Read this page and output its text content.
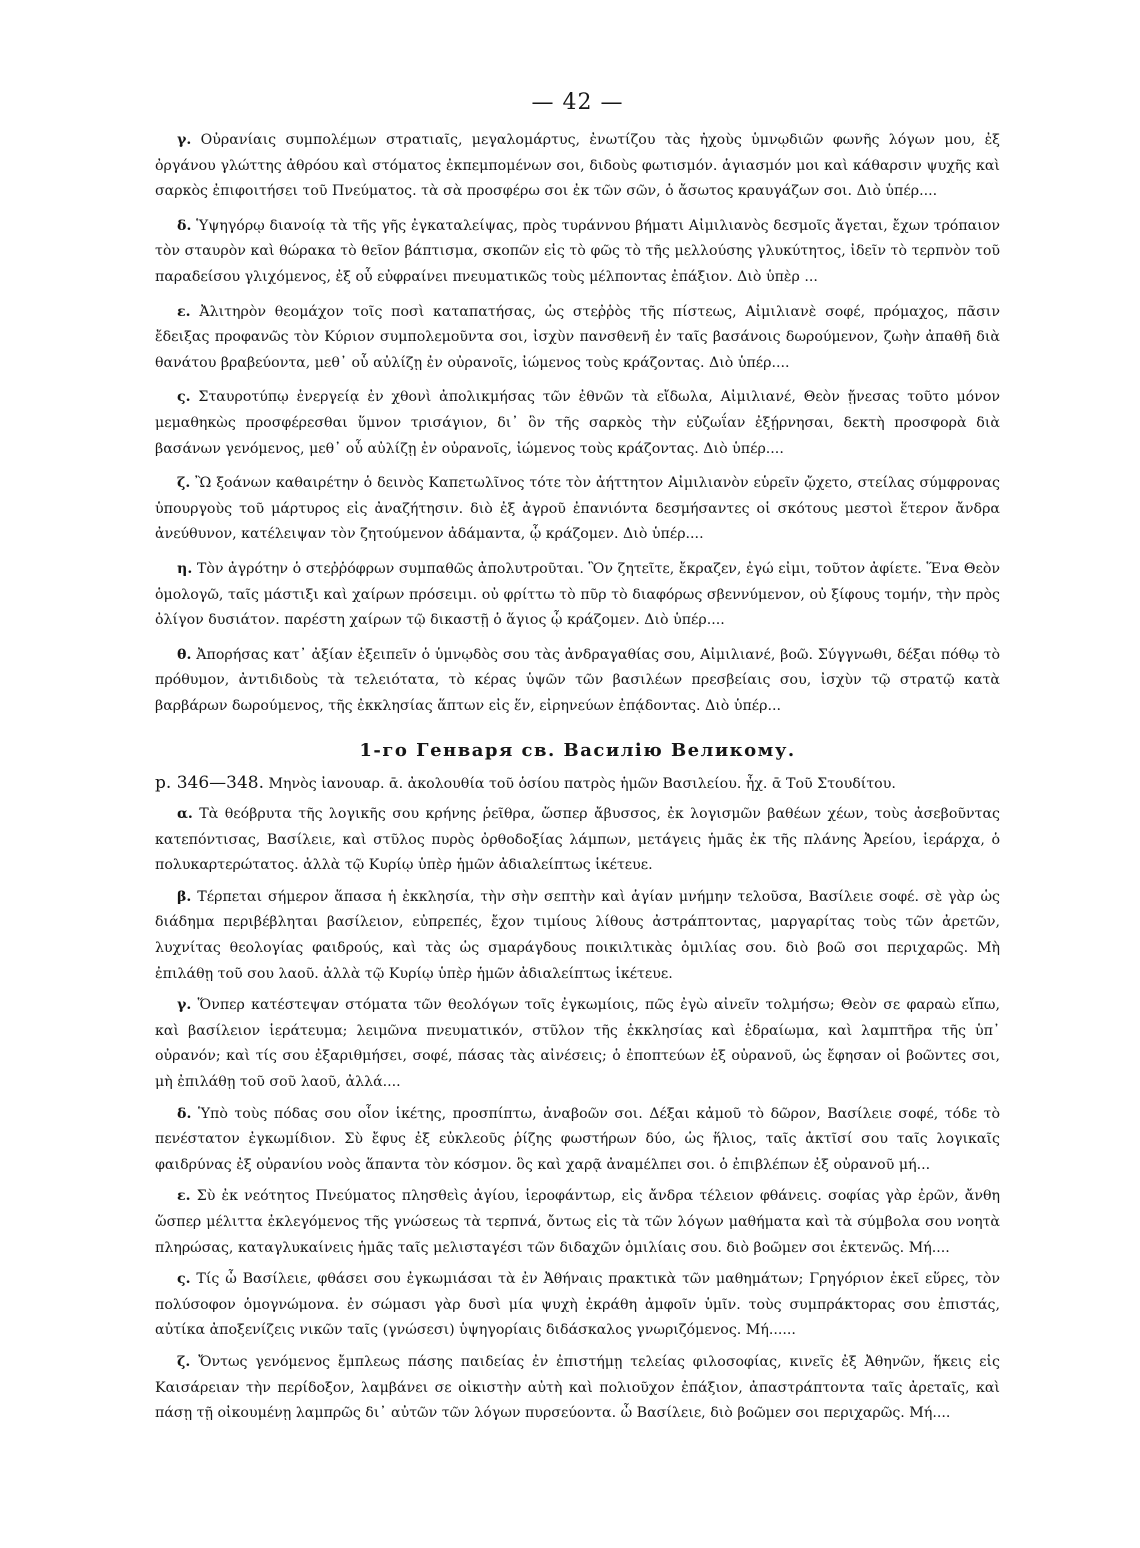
— 42 —

γ. Οὐρανίαις συμπολέμων στρατιαῖς, μεγαλομάρτυς, ἐνωτίζου τὰς ἠχοὺς ὑμνῳδιῶν φωνῆς λόγων μου, ἐξ ὀργάνου γλώττης ἀθρόου καὶ στόματος ἐκπεμπομένων σοι, διδοὺς φωτισμόν. ἁγιασμόν μοι καὶ κάθαρσιν ψυχῆς καὶ σαρκὸς ἐπιφοιτήσει τοῦ Πνεύματος. τὰ σὰ προσφέρω σοι ἐκ τῶν σῶν, ὁ ἄσωτος κραυγάζων σοι. Διὸ ὑπέρ....

δ. Ὑψηγόρῳ διανοίᾳ τὰ τῆς γῆς ἐγκαταλείψας, πρὸς τυράννου βήματι Αἰμιλιανὸς δεσμοῖς ἄγεται, ἔχων τρόπαιον τὸν σταυρὸν καὶ θώρακα τὸ θεῖον βάπτισμα, σκοπῶν εἰς τὸ φῶς τὸ τῆς μελλούσης γλυκύτητος, ἰδεῖν τὸ τερπνὸν τοῦ παραδείσου γλιχόμενος, ἐξ οὗ εὐφραίνει πνευματικῶς τοὺς μέλποντας ἐπάξιον. Διὸ ὑπὲρ ...

ε. Ἀλιτηρὸν θεομάχον τοῖς ποσὶ καταπατήσας, ὡς στεῤῥὸς τῆς πίστεως, Αἰμιλιανὲ σοφέ, πρόμαχος, πᾶσιν ἔδειξας προφανῶς τὸν Κύριον συμπολεμοῦντα σοι, ἰσχὺν πανσθενῆ ἐν ταῖς βασάνοις δωρούμενον, ζωὴν ἀπαθῆ διὰ θανάτου βραβεύοντα, μεθ᾽ οὗ αὐλίζῃ ἐν οὐρανοῖς, ἰώμενος τοὺς κράζοντας. Διὸ ὑπέρ....

ς. Σταυροτύπῳ ἐνεργείᾳ ἐν χθονὶ ἀπολικμήσας τῶν ἐθνῶν τὰ εἴδωλα, Αἰμιλιανέ, Θεὸν ᾔνεσας τοῦτο μόνον μεμαθηκὼς προσφέρεσθαι ὕμνον τρισάγιον, δι᾽ ὃν τῆς σαρκὸς τὴν εὐζωΐαν ἐξῄρνησαι, δεκτὴ προσφορὰ διὰ βασάνων γενόμενος, μεθ᾽ οὗ αὐλίζῃ ἐν οὐρανοῖς, ἰώμενος τοὺς κράζοντας. Διὸ ὑπέρ....

ζ. Ὢ ξοάνων καθαιρέτην ὁ δεινὸς Καπετωλῖνος τότε τὸν ἀήττητον Αἰμιλιανὸν εὑρεῖν ᾤχετο, στείλας σύμφρονας ὑπουργοὺς τοῦ μάρτυρος εἰς ἀναζήτησιν. διὸ ἐξ ἀγροῦ ἐπανιόντα δεσμήσαντες οἱ σκότους μεστοὶ ἕτερον ἄνδρα ἀνεύθυνον, κατέλειψαν τὸν ζητούμενον ἀδάμαντα, ᾧ κράζομεν. Διὸ ὑπέρ....

η. Τὸν ἀγρότην ὁ στεῤῥόφρων συμπαθῶς ἀπολυτροῦται. Ὃν ζητεῖτε, ἔκραζεν, ἐγώ εἰμι, τοῦτον ἀφίετε. Ἕνα Θεὸν ὁμολογῶ, ταῖς μάστιξι καὶ χαίρων πρόσειμι. οὐ φρίττω τὸ πῦρ τὸ διαφόρως σβεννύμενον, οὐ ξίφους τομήν, τὴν πρὸς ὀλίγον δυσιάτον. παρέστη χαίρων τῷ δικαστῇ ὁ ἅγιος ᾧ κράζομεν. Διὸ ὑπέρ....

θ. Ἀπορήσας κατ᾽ ἀξίαν ἐξειπεῖν ὁ ὑμνῳδὸς σου τὰς ἀνδραγαθίας σου, Αἰμιλιανέ, βοῶ. Σύγγνωθι, δέξαι πόθῳ τὸ πρόθυμον, ἀντιδιδοὺς τὰ τελειότατα, τὸ κέρας ὑψῶν τῶν βασιλέων πρεσβείαις σου, ἰσχὺν τῷ στρατῷ κατὰ βαρβάρων δωρούμενος, τῆς ἐκκλησίας ἅπτων εἰς ἕν, εἰρηνεύων ἐπᾴδοντας. Διὸ ὑπέρ...

1-го Генваря св. Василію Великому.

р. 346—348. Μηνὸς ἰανουαρ. ᾱ. ἀκολουθία τοῦ ὁσίου πατρὸς ἡμῶν Βασιλείου. ἦχ. ᾱ Τοῦ Στουδίτου.

α. Τὰ θεόβρυτα τῆς λογικῆς σου κρήνης ῥεῖθρα, ὥσπερ ἄβυσσος, ἐκ λογισμῶν βαθέων χέων, τοὺς ἀσεβοῦντας κατεπόντισας, Βασίλειε, καὶ στῦλος πυρὸς ὀρθοδοξίας λάμπων, μετάγεις ἡμᾶς ἐκ τῆς πλάνης Ἀρείου, ἱεράρχα, ὁ πολυκαρτερώτατος. ἀλλὰ τῷ Κυρίῳ ὑπὲρ ἡμῶν ἀδιαλείπτως ἱκέτευε.

β. Τέρπεται σήμερον ἅπασα ἡ ἐκκλησία, τὴν σὴν σεπτὴν καὶ ἁγίαν μνήμην τελοῦσα, Βασίλειε σοφέ. σὲ γὰρ ὡς διάδημα περιβέβληται βασίλειον, εὐπρεπές, ἔχον τιμίους λίθους ἀστράπτοντας, μαργαρίτας τοὺς τῶν ἀρετῶν, λυχνίτας θεολογίας φαιδρούς, καὶ τὰς ὡς σμαράγδους ποικιλτικὰς ὁμιλίας σου. διὸ βοῶ σοι περιχαρῶς. Μὴ ἐπιλάθῃ τοῦ σου λαοῦ. ἀλλὰ τῷ Κυρίῳ ὑπὲρ ἡμῶν ἀδιαλείπτως ἱκέτευε.

γ. Ὅνπερ κατέστεψαν στόματα τῶν θεολόγων τοῖς ἐγκωμίοις, πῶς ἐγὼ αἰνεῖν τολμήσω; Θεὸν σε φαραὼ εἴπω, καὶ βασίλειον ἱεράτευμα; λειμῶνα πνευματικόν, στῦλον τῆς ἐκκλησίας καὶ ἑδραίωμα, καὶ λαμπτῆρα τῆς ὑπ᾽ οὐρανόν; καὶ τίς σου ἐξαριθμήσει, σοφέ, πάσας τὰς αἰνέσεις; ὁ ἐποπτεύων ἐξ οὐρανοῦ, ὡς ἔφησαν οἱ βοῶντες σοι, μὴ ἐπιλάθῃ τοῦ σοῦ λαοῦ, ἀλλά....

δ. Ὑπὸ τοὺς πόδας σου οἷον ἱκέτης, προσπίπτω, ἀναβοῶν σοι. Δέξαι κἀμοῦ τὸ δῶρον, Βασίλειε σοφέ, τόδε τὸ πενέστατον ἐγκωμίδιον. Σὺ ἔφυς ἐξ εὐκλεοῦς ῥίζης φωστήρων δύο, ὡς ἥλιος, ταῖς ἀκτῖσί σου ταῖς λογικαῖς φαιδρύνας ἐξ οὐρανίου νοὸς ἅπαντα τὸν κόσμον. ὃς καὶ χαρᾷ ἀναμέλπει σοι. ὁ ἐπιβλέπων ἐξ οὐρανοῦ μή...

ε. Σὺ ἐκ νεότητος Πνεύματος πλησθεὶς ἁγίου, ἱεροφάντωρ, εἰς ἄνδρα τέλειον φθάνεις. σοφίας γὰρ ἐρῶν, ἄνθη ὥσπερ μέλιττα ἐκλεγόμενος τῆς γνώσεως τὰ τερπνά, ὄντως εἰς τὰ τῶν λόγων μαθήματα καὶ τὰ σύμβολα σου νοητὰ πληρώσας, καταγλυκαίνεις ἡμᾶς ταῖς μελισταγέσι τῶν διδαχῶν ὁμιλίαις σου. διὸ βοῶμεν σοι ἐκτενῶς. Μή....

ς. Τίς ὦ Βασίλειε, φθάσει σου ἐγκωμιάσαι τὰ ἐν Ἀθήναις πρακτικὰ τῶν μαθημάτων; Γρηγόριον ἐκεῖ εὕρες, τὸν πολύσοφον ὁμογνώμονα. ἐν σώμασι γὰρ δυσὶ μία ψυχὴ ἐκράθη ἀμφοῖν ὑμῖν. τοὺς συμπράκτορας σου ἐπιστάς, αὐτίκα ἀποξενίζεις νικῶν ταῖς (γνώσεσι) ὑψηγορίαις διδάσκαλος γνωριζόμενος. Μή......

ζ. Ὄντως γενόμενος ἔμπλεως πάσης παιδείας ἐν ἐπιστήμῃ τελείας φιλοσοφίας, κινεῖς ἐξ Ἀθηνῶν, ἥκεις εἰς Καισάρειαν τὴν περίδοξον, λαμβάνει σε οἰκιστὴν αὐτὴ καὶ πολιοῦχον ἐπάξιον, ἀπαστράπτοντα ταῖς ἀρεταῖς, καὶ πάσῃ τῇ οἰκουμένῃ λαμπρῶς δι᾽ αὐτῶν τῶν λόγων πυρσεύοντα. ὦ Βασίλειε, διὸ βοῶμεν σοι περιχαρῶς. Μή....
